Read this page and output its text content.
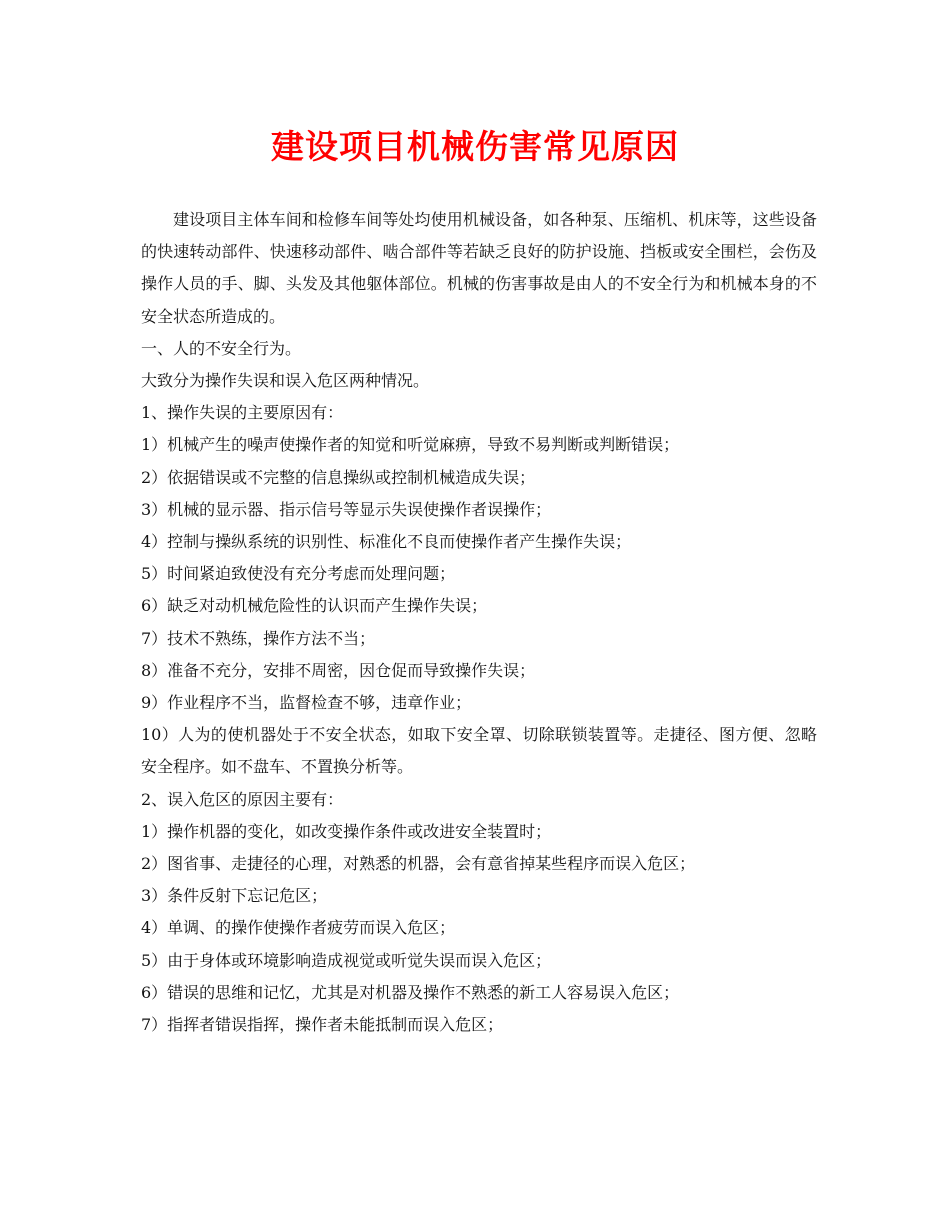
建设项目机械伤害常见原因

建设项目主体车间和检修车间等处均使用机械设备，如各种泵、压缩机、机床等，这些设备的快速转动部件、快速移动部件、啮合部件等若缺乏良好的防护设施、挡板或安全围栏，会伤及操作人员的手、脚、头发及其他躯体部位。机械的伤害事故是由人的不安全行为和机械本身的不安全状态所造成的。

一、人的不安全行为。

大致分为操作失误和误入危区两种情况。

1、操作失误的主要原因有：

1）机械产生的噪声使操作者的知觉和听觉麻痹，导致不易判断或判断错误；

2）依据错误或不完整的信息操纵或控制机械造成失误；

3）机械的显示器、指示信号等显示失误使操作者误操作；

4）控制与操纵系统的识别性、标准化不良而使操作者产生操作失误；

5）时间紧迫致使没有充分考虑而处理问题；

6）缺乏对动机械危险性的认识而产生操作失误；

7）技术不熟练，操作方法不当；

8）准备不充分，安排不周密，因仓促而导致操作失误；

9）作业程序不当，监督检查不够，违章作业；

10）人为的使机器处于不安全状态，如取下安全罩、切除联锁装置等。走捷径、图方便、忽略安全程序。如不盘车、不置换分析等。

2、误入危区的原因主要有：

1）操作机器的变化，如改变操作条件或改进安全装置时；

2）图省事、走捷径的心理，对熟悉的机器，会有意省掉某些程序而误入危区；

3）条件反射下忘记危区；

4）单调、的操作使操作者疲劳而误入危区；

5）由于身体或环境影响造成视觉或听觉失误而误入危区；

6）错误的思维和记忆，尤其是对机器及操作不熟悉的新工人容易误入危区；

7）指挥者错误指挥，操作者未能抵制而误入危区；
